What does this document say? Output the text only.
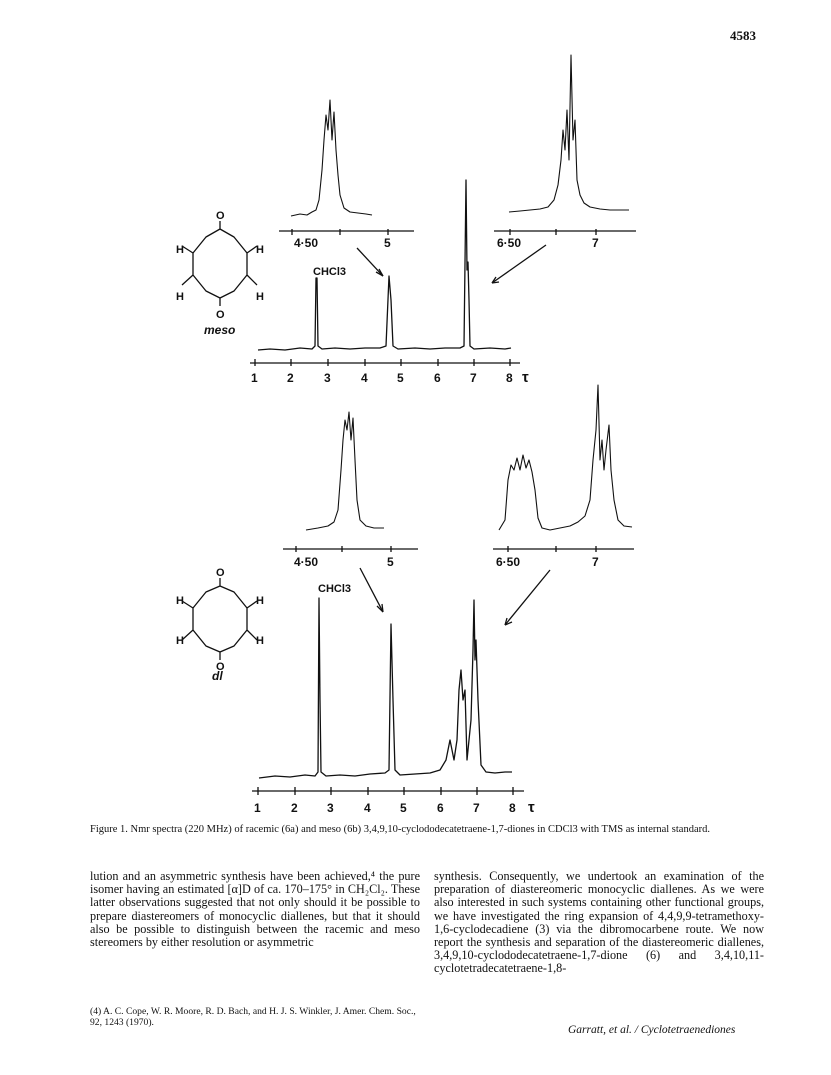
4583
4·50	5	6·50	7
CHCl3
1 2	3	4 5	6 7 8 τ
H	H
H	H
O
O
meso
4·50	5	6·50	7
CHCl3
1	2 3	4 5	6 7 8 τ
H	H
H	H
O
O
dl
Figure 1. Nmr spectra (220 MHz) of racemic (6a) and meso (6b) 3,4,9,10-cyclododecatetraene-1,7-diones in CDCl3 with TMS as internal standard.

lution and an asymmetric synthesis have been achieved,⁴ the pure isomer having an estimated [α]D of ca. 170–175° in CH₂Cl₂. These latter observations suggested that not only should it be possible to prepare diastereomers of monocyclic diallenes, but that it should also be possible to distinguish between the racemic and meso stereomers by either resolution or asymmetric

(4) A. C. Cope, W. R. Moore, R. D. Bach, and H. J. S. Winkler, J. Amer. Chem. Soc., 92, 1243 (1970).

synthesis. Consequently, we undertook an examination of the preparation of diastereomeric monocyclic diallenes. As we were also interested in such systems containing other functional groups, we have investigated the ring expansion of 4,4,9,9-tetramethoxy-1,6-cyclodecadiene (3) via the dibromocarbene route. We now report the synthesis and separation of the diastereomeric diallenes, 3,4,9,10-cyclododecatetraene-1,7-dione (6) and 3,4,10,11-cyclotetradecatetraene-1,8-

Garratt, et al. / Cyclotetraenediones
